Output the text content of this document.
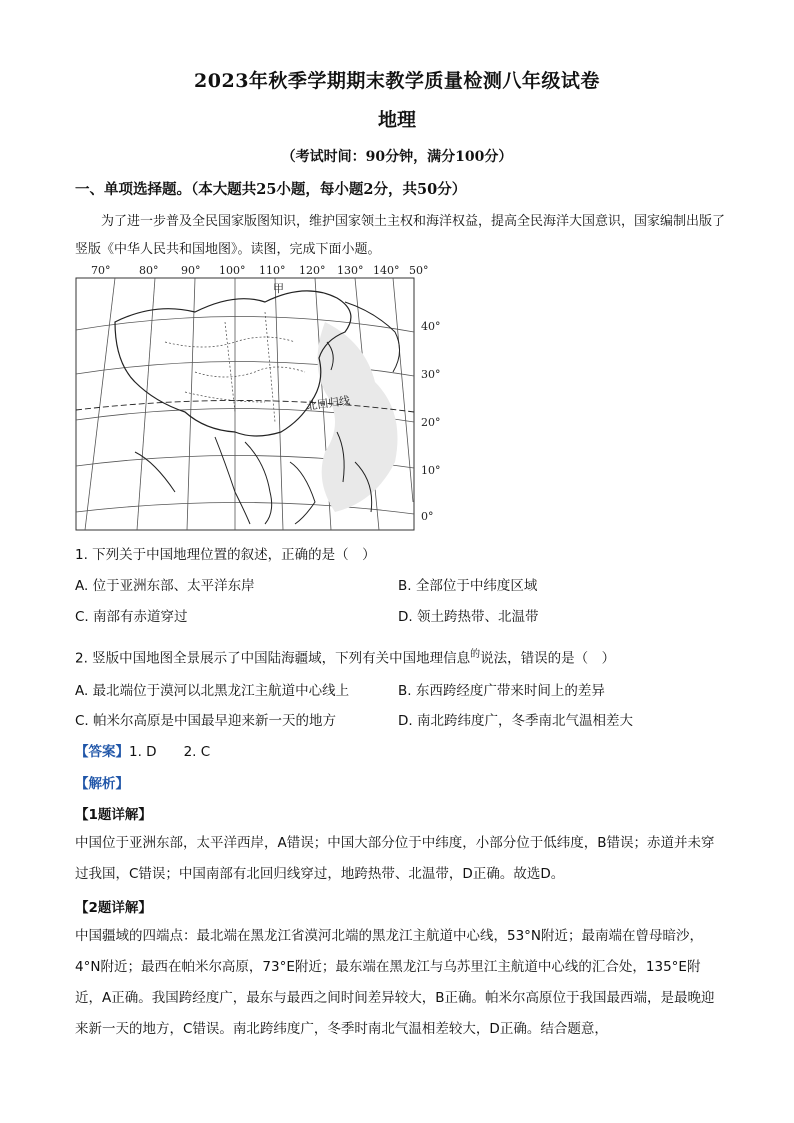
2023年秋季学期期末教学质量检测八年级试卷
地理
（考试时间：90分钟，满分100分）
一、单项选择题。（本大题共25小题，每小题2分，共50分）
为了进一步普及全民国家版图知识，维护国家领土主权和海洋权益，提高全民海洋大国意识，国家编制出版了竖版《中华人民共和国地图》。读图，完成下面小题。
70°	80° 90° 100° 110° 120° 130° 140° 50°
北回归线
甲
40°
30°
20°
10°
0°
1. 下列关于中国地理位置的叙述，正确的是（　）
A. 位于亚洲东部、太平洋东岸	B. 全部位于中纬度区域
C. 南部有赤道穿过	D. 领土跨热带、北温带
2. 竖版中国地图全景展示了中国陆海疆域，下列有关中国地理信息$^的$说法，错误的是（　）
A. 最北端位于漠河以北黑龙江主航道中心线上	B. 东西跨经度广带来时间上的差异
C. 帕米尔高原是中国最早迎来新一天的地方	D. 南北跨纬度广，冬季南北气温相差大
【答案】1. D　　2. C
【解析】
【1题详解】
中国位于亚洲东部，太平洋西岸，A错误；中国大部分位于中纬度，小部分位于低纬度，B错误；赤道并未穿过我国，C错误；中国南部有北回归线穿过，地跨热带、北温带，D正确。故选D。
【2题详解】
中国疆域的四端点：最北端在黑龙江省漠河北端的黑龙江主航道中心线，53°N附近；最南端在曾母暗沙，4°N附近；最西在帕米尔高原，73°E附近；最东端在黑龙江与乌苏里江主航道中心线的汇合处，135°E附近，A正确。我国跨经度广，最东与最西之间时间差异较大，B正确。帕米尔高原位于我国最西端，是最晚迎来新一天的地方，C错误。南北跨纬度广，冬季时南北气温相差较大，D正确。结合题意，
